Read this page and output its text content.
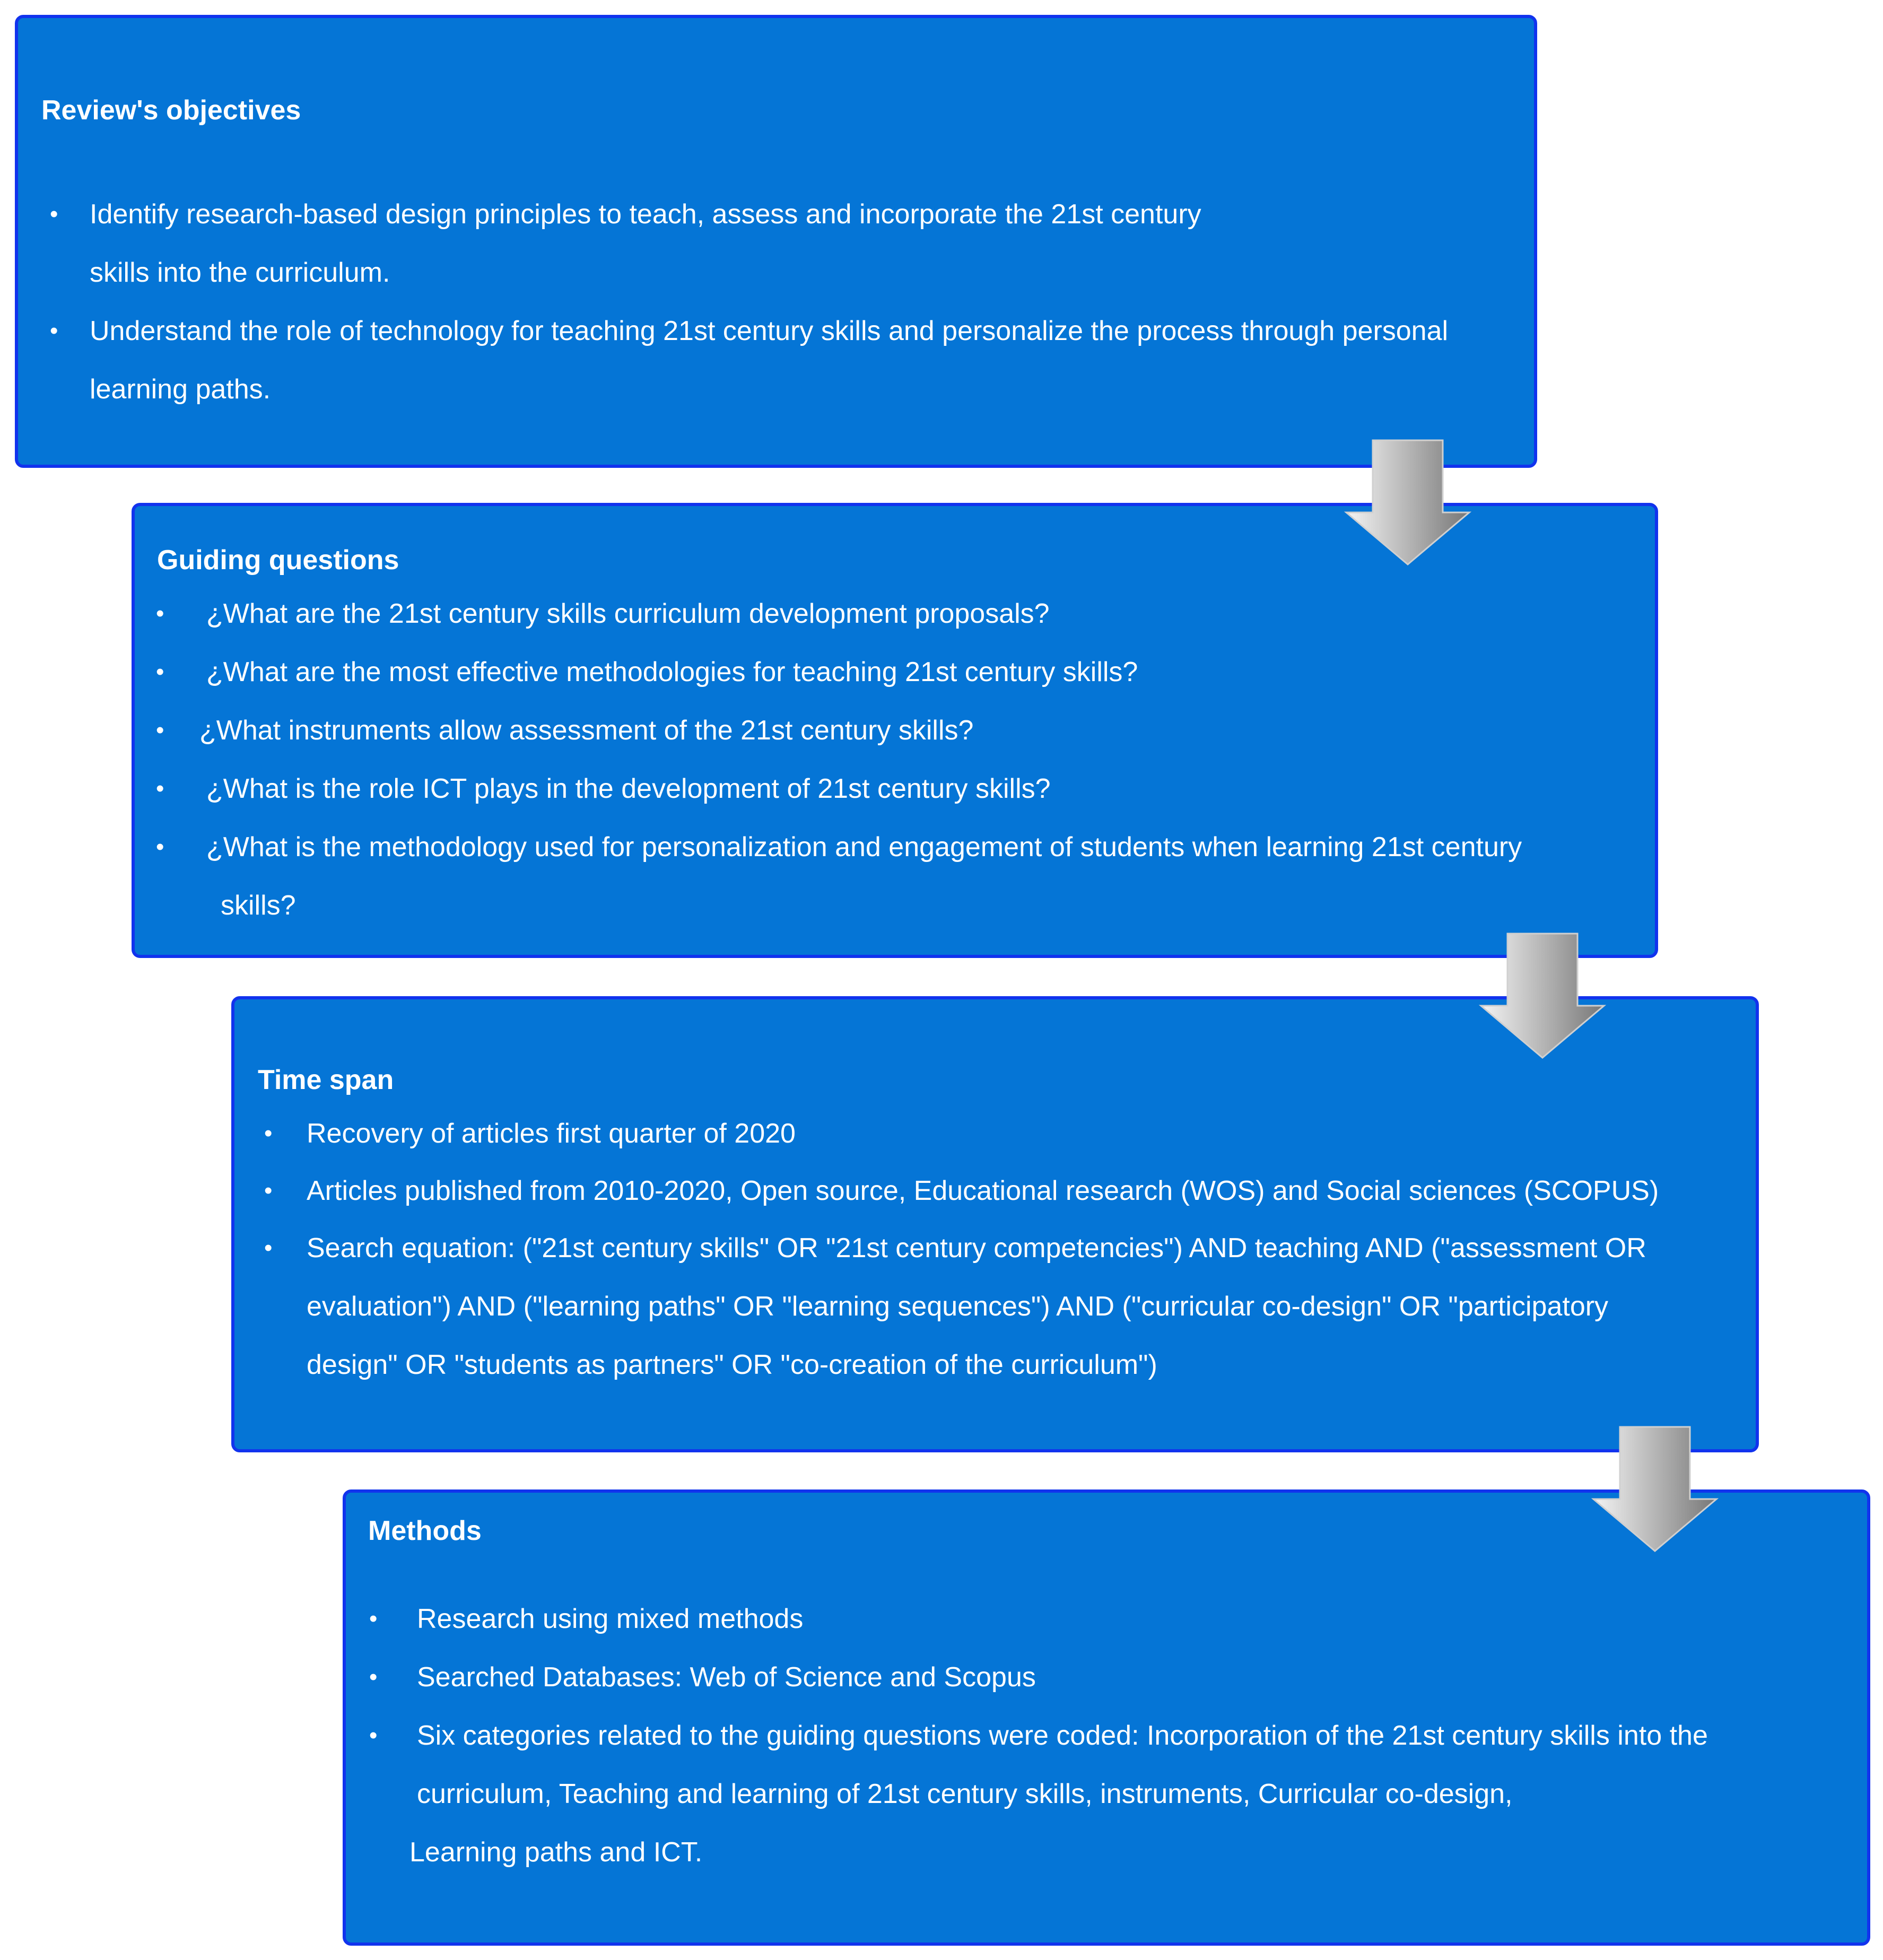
Review's objectives
• Identify research-based design principles to teach, assess and incorporate the 21st century
skills into the curriculum.
• Understand the role of technology for teaching 21st century skills and personalize the process through personal
learning paths.
Guiding questions
• ¿What are the 21st century skills curriculum development proposals?
• ¿What are the most effective methodologies for teaching 21st century skills?
• ¿What instruments allow assessment of the 21st century skills?
• ¿What is the role ICT plays in the development of 21st century skills?
• ¿What is the methodology used for personalization and engagement of students when learning 21st century
skills?
Time span
• Recovery of articles first quarter of 2020
• Articles published from 2010-2020, Open source, Educational research (WOS) and Social sciences (SCOPUS)
• Search equation: ("21st century skills" OR "21st century competencies") AND teaching AND ("assessment OR
evaluation") AND ("learning paths" OR "learning sequences") AND ("curricular co-design" OR "participatory
design" OR "students as partners" OR "co-creation of the curriculum")
Methods
• Research using mixed methods
• Searched Databases: Web of Science and Scopus
• Six categories related to the guiding questions were coded: Incorporation of the 21st century skills into the
curriculum, Teaching and learning of 21st century skills, instruments, Curricular co-design,
Learning paths and ICT.
